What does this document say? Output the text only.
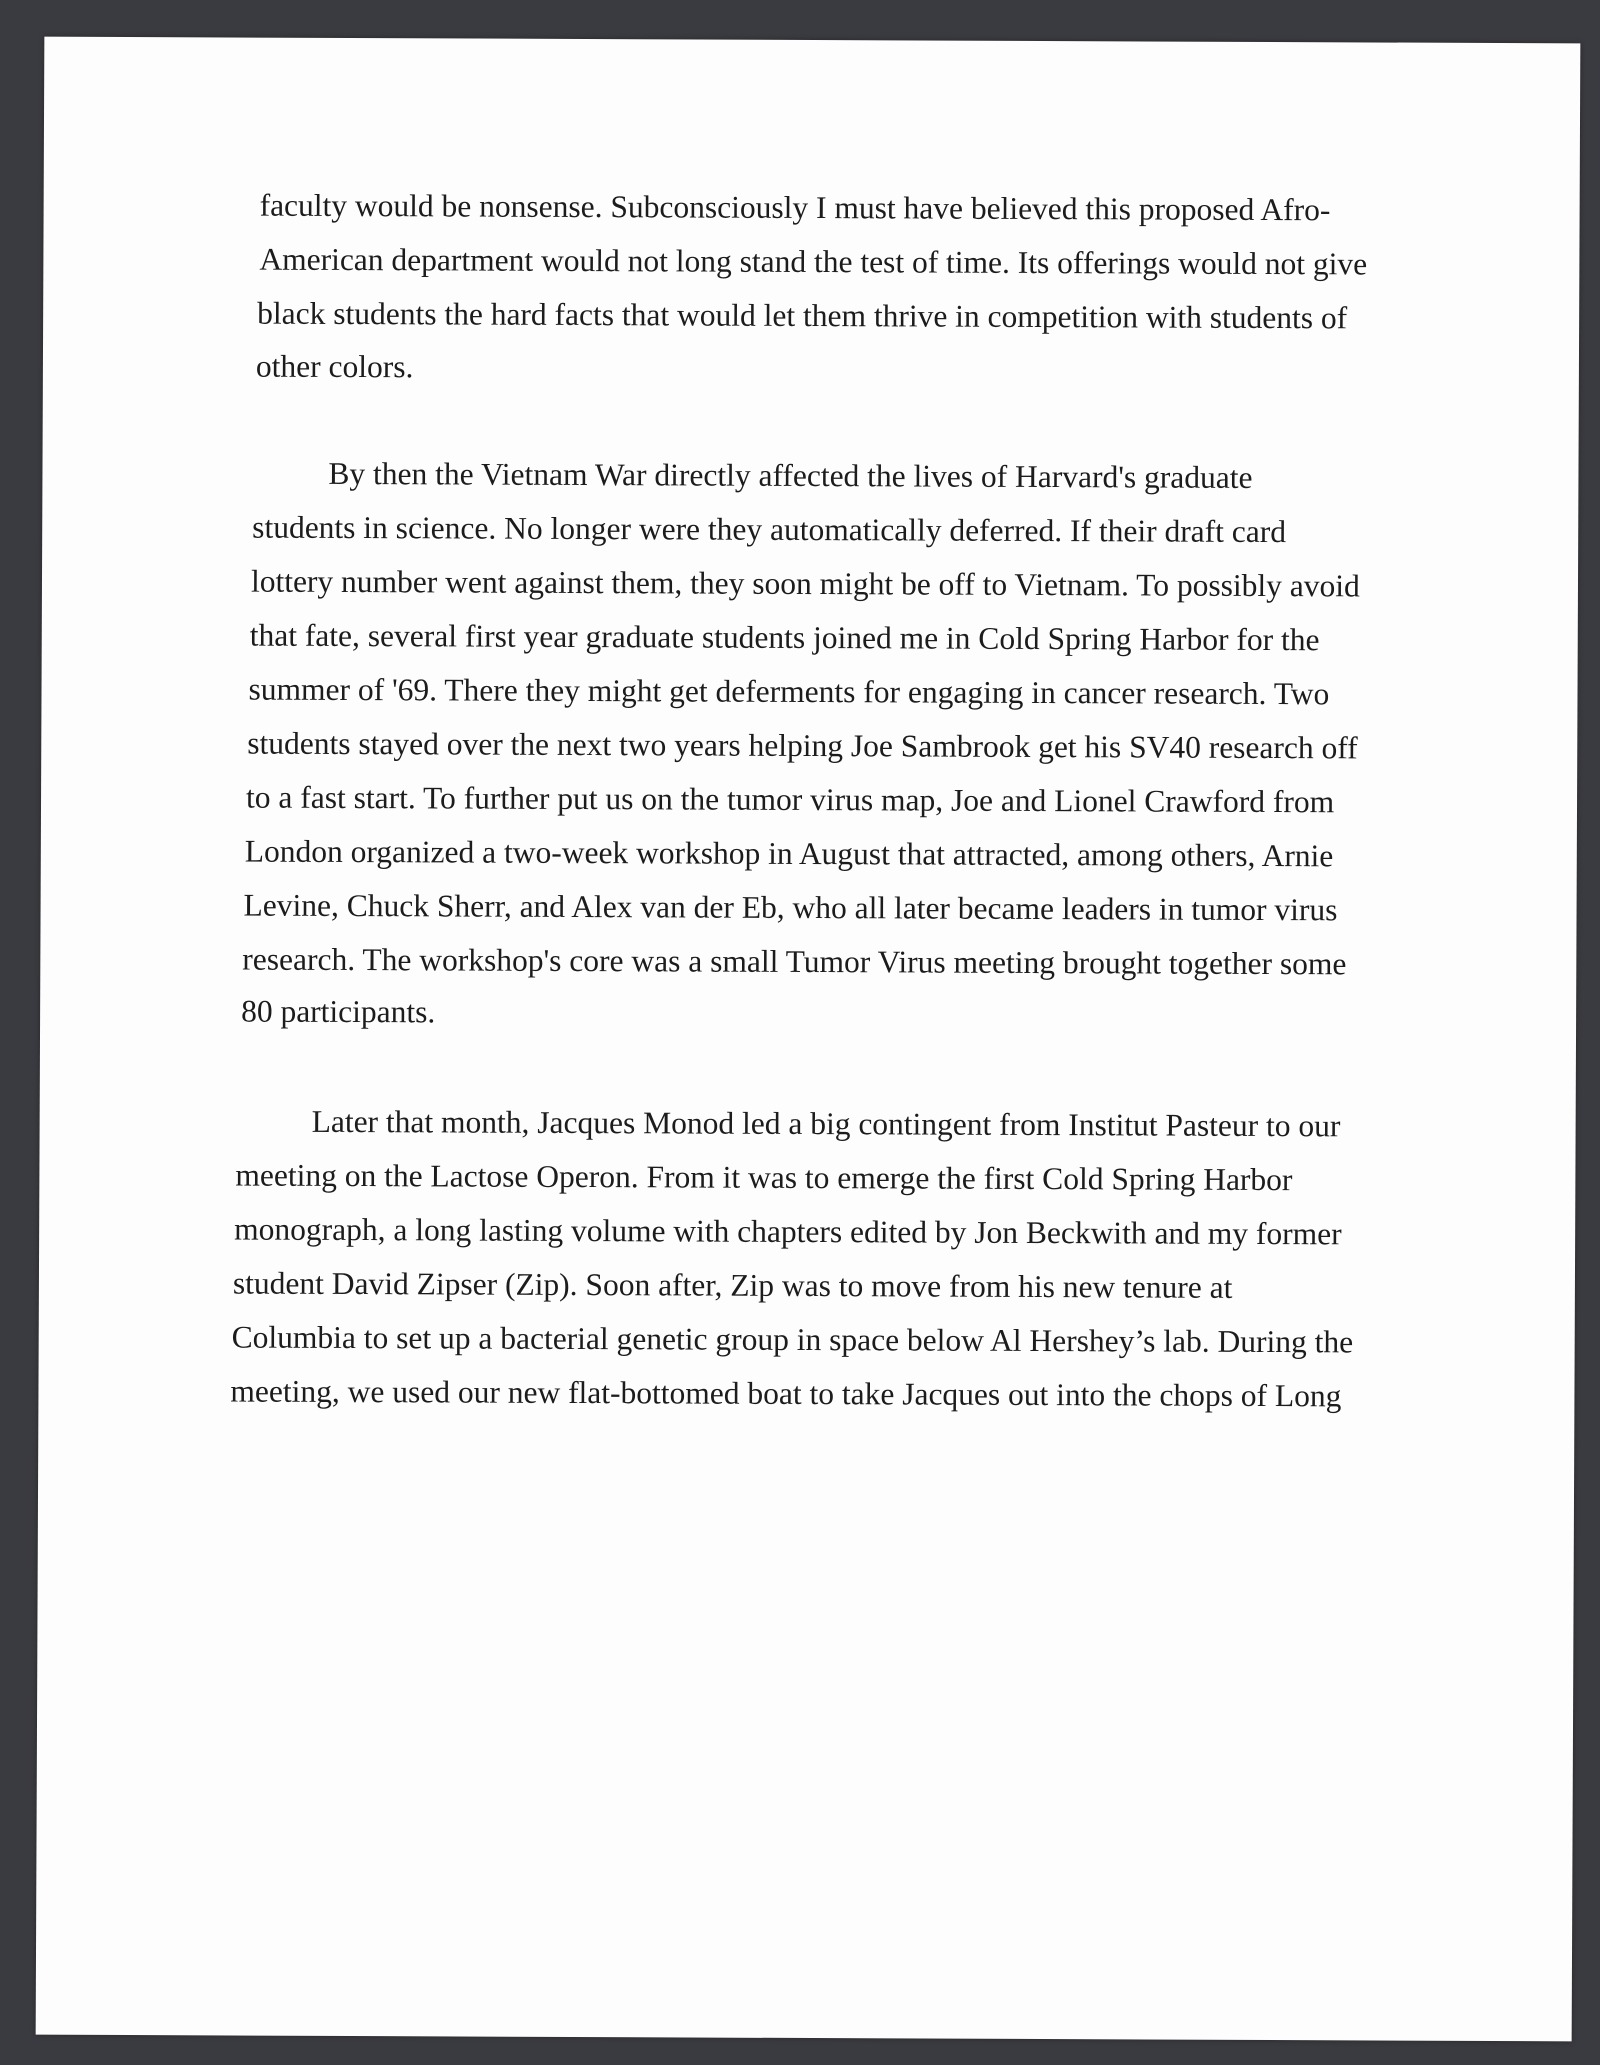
faculty would be nonsense. Subconsciously I must have believed this proposed Afro-
American department would not long stand the test of time. Its offerings would not give
black students the hard facts that would let them thrive in competition with students of
other colors.
By then the Vietnam War directly affected the lives of Harvard's graduate
students in science. No longer were they automatically deferred. If their draft card
lottery number went against them, they soon might be off to Vietnam. To possibly avoid
that fate, several first year graduate students joined me in Cold Spring Harbor for the
summer of '69. There they might get deferments for engaging in cancer research. Two
students stayed over the next two years helping Joe Sambrook get his SV40 research off
to a fast start. To further put us on the tumor virus map, Joe and Lionel Crawford from
London organized a two-week workshop in August that attracted, among others, Arnie
Levine, Chuck Sherr, and Alex van der Eb, who all later became leaders in tumor virus
research. The workshop's core was a small Tumor Virus meeting brought together some
80 participants.
Later that month, Jacques Monod led a big contingent from Institut Pasteur to our
meeting on the Lactose Operon. From it was to emerge the first Cold Spring Harbor
monograph, a long lasting volume with chapters edited by Jon Beckwith and my former
student David Zipser (Zip). Soon after, Zip was to move from his new tenure at
Columbia to set up a bacterial genetic group in space below Al Hershey’s lab. During the
meeting, we used our new flat-bottomed boat to take Jacques out into the chops of Long
